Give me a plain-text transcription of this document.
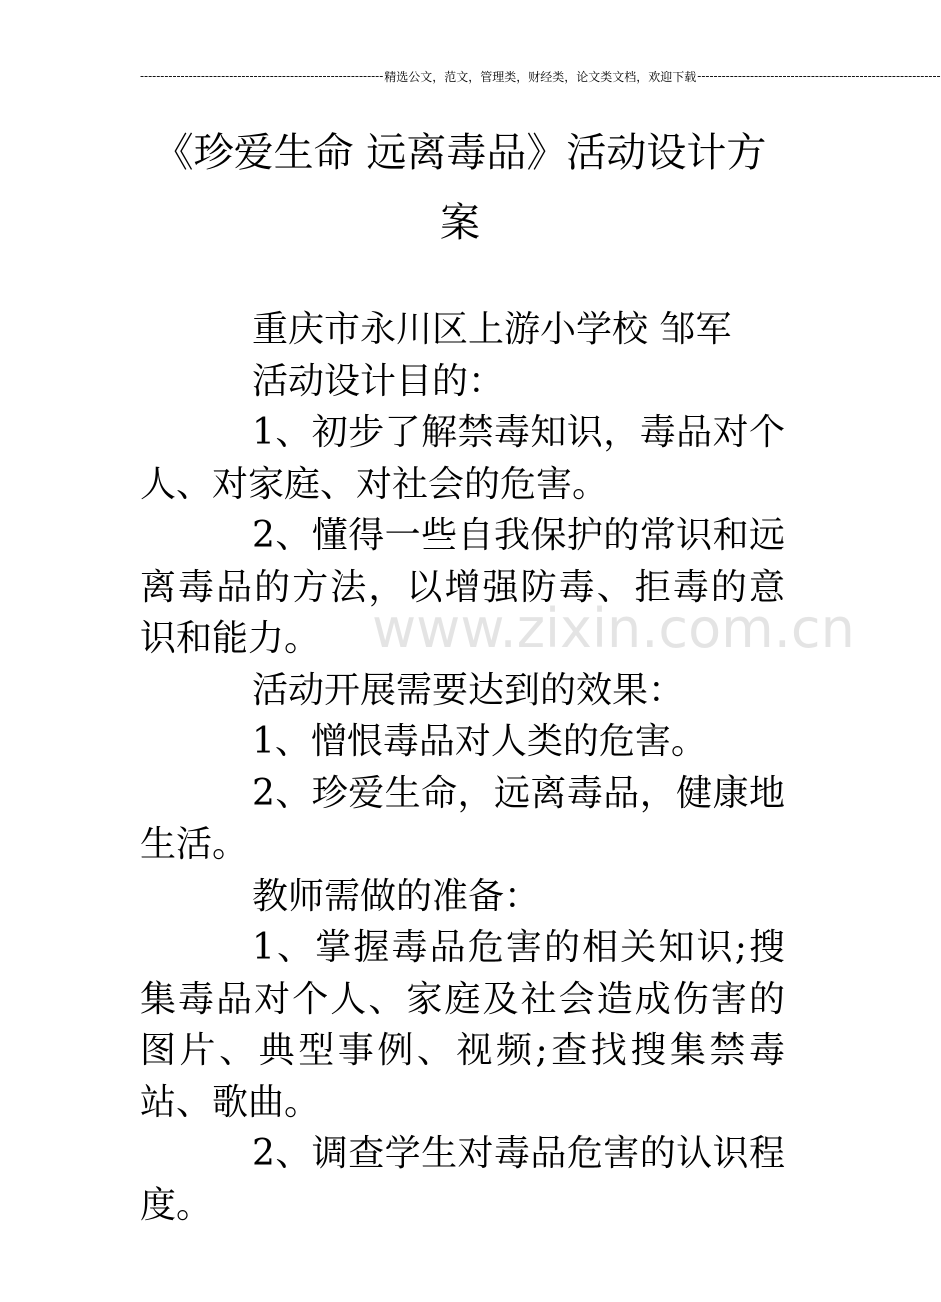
------------------------------------------------------------ 精选公文，范文，管理类，财经类，论文类文档，欢迎下载 ------------------------------------------------------------
《珍爱生命 远离毒品》活动设计方案

重庆市永川区上游小学校 邹军

活动设计目的：

1、初步了解禁毒知识，毒品对个人、对家庭、对社会的危害。

2、懂得一些自我保护的常识和远离毒品的方法，以增强防毒、拒毒的意识和能力。

活动开展需要达到的效果：

1、憎恨毒品对人类的危害。

2、珍爱生命，远离毒品，健康地生活。

教师需做的准备：

1、掌握毒品危害的相关知识;搜集毒品对个人、家庭及社会造成伤害的图片、典型事例、视频;查找搜集禁毒站、歌曲。

2、调查学生对毒品危害的认识程度。

www.zixin.com.cn
